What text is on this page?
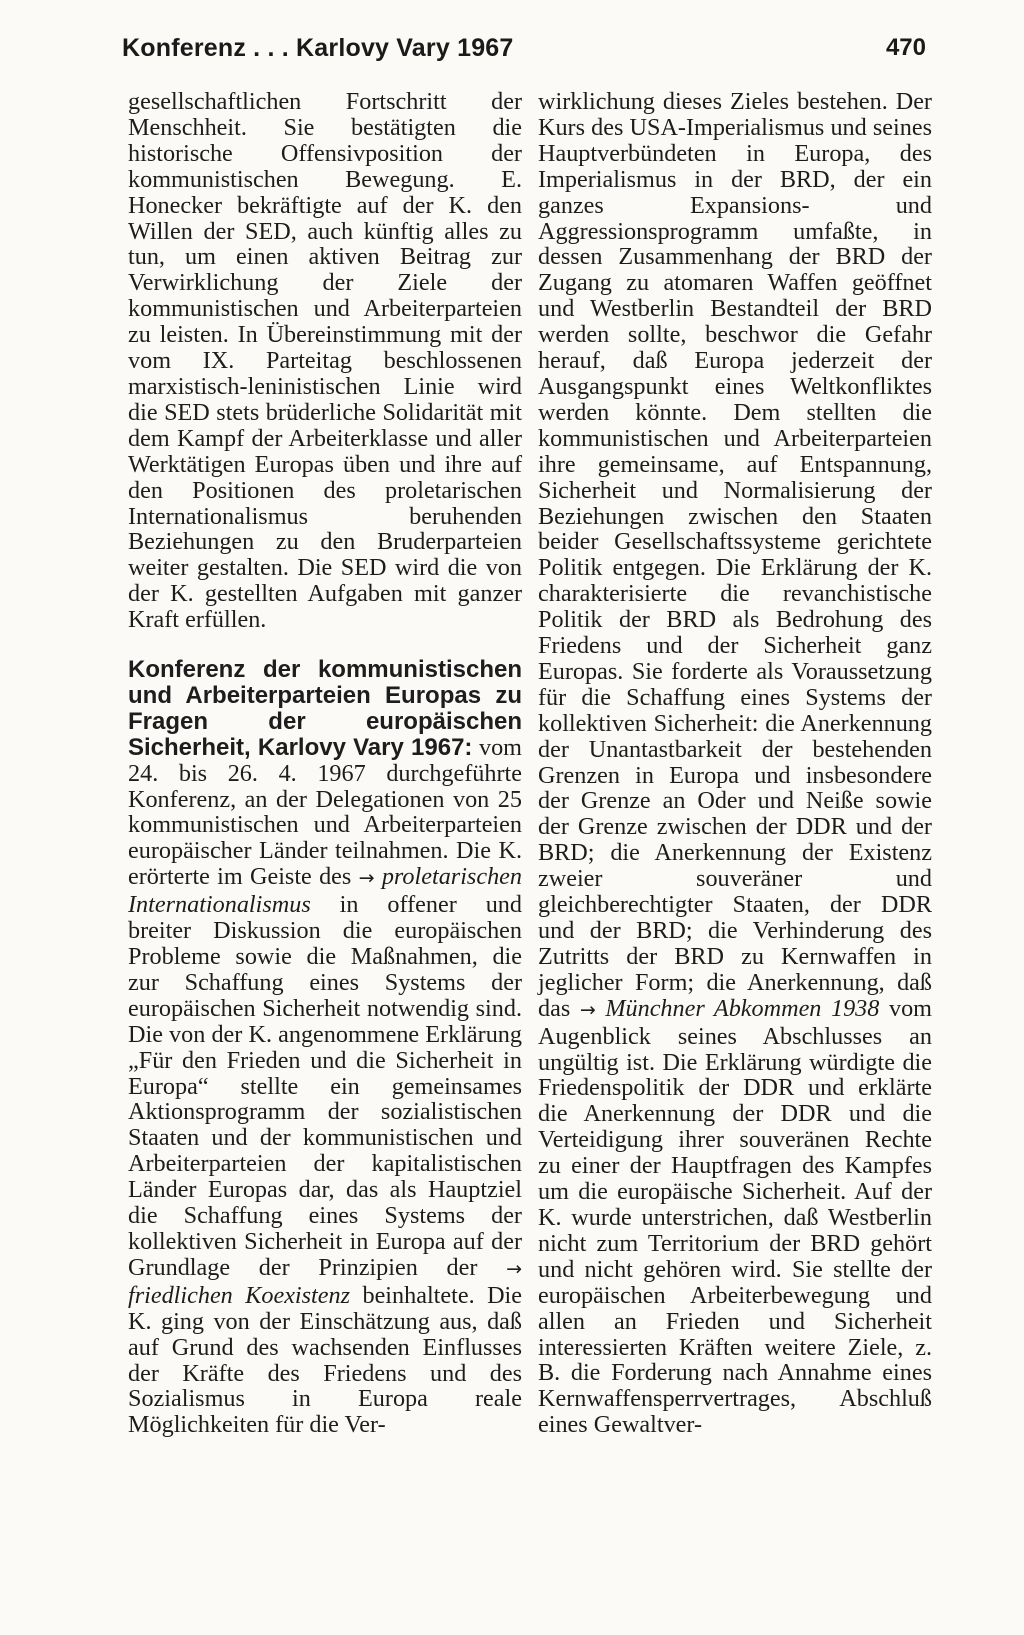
Konferenz . . . Karlovy Vary 1967	470

gesellschaftlichen Fortschritt der Menschheit. Sie bestätigten die historische Offensivposition der kommunistischen Bewegung. E. Honecker bekräftigte auf der K. den Willen der SED, auch künftig alles zu tun, um einen aktiven Beitrag zur Verwirklichung der Ziele der kommunistischen und Arbeiterparteien zu leisten. In Übereinstimmung mit der vom IX. Parteitag beschlossenen marxistisch-leninistischen Linie wird die SED stets brüderliche Solidarität mit dem Kampf der Arbeiterklasse und aller Werktätigen Europas üben und ihre auf den Positionen des proletarischen Internationalismus beruhenden Beziehungen zu den Bruderparteien weiter gestalten. Die SED wird die von der K. gestellten Aufgaben mit ganzer Kraft erfüllen.

Konferenz der kommunistischen und Arbeiterparteien Europas zu Fragen der europäischen Sicherheit, Karlovy Vary 1967: vom 24. bis 26. 4. 1967 durchgeführte Konferenz, an der Delegationen von 25 kommunistischen und Arbeiterparteien europäischer Länder teilnahmen. Die K. erörterte im Geiste des → proletarischen Internationalismus in offener und breiter Diskussion die europäischen Probleme sowie die Maßnahmen, die zur Schaffung eines Systems der europäischen Sicherheit notwendig sind. Die von der K. angenommene Erklärung „Für den Frieden und die Sicherheit in Europa“ stellte ein gemeinsames Aktionsprogramm der sozialistischen Staaten und der kommunistischen und Arbeiterparteien der kapitalistischen Länder Europas dar, das als Hauptziel die Schaffung eines Systems der kollektiven Sicherheit in Europa auf der Grundlage der Prinzipien der → friedlichen Koexistenz beinhaltete. Die K. ging von der Einschätzung aus, daß auf Grund des wachsenden Einflusses der Kräfte des Friedens und des Sozialismus in Europa reale Möglichkeiten für die Ver-

wirklichung dieses Zieles bestehen. Der Kurs des USA-Imperialismus und seines Hauptverbündeten in Europa, des Imperialismus in der BRD, der ein ganzes Expansions- und Aggressionsprogramm umfaßte, in dessen Zusammenhang der BRD der Zugang zu atomaren Waffen geöffnet und Westberlin Bestandteil der BRD werden sollte, beschwor die Gefahr herauf, daß Europa jederzeit der Ausgangspunkt eines Weltkonfliktes werden könnte. Dem stellten die kommunistischen und Arbeiterparteien ihre gemeinsame, auf Entspannung, Sicherheit und Normalisierung der Beziehungen zwischen den Staaten beider Gesellschaftssysteme gerichtete Politik entgegen. Die Erklärung der K. charakterisierte die revanchistische Politik der BRD als Bedrohung des Friedens und der Sicherheit ganz Europas. Sie forderte als Voraussetzung für die Schaffung eines Systems der kollektiven Sicherheit: die Anerkennung der Unantastbarkeit der bestehenden Grenzen in Europa und insbesondere der Grenze an Oder und Neiße sowie der Grenze zwischen der DDR und der BRD; die Anerkennung der Existenz zweier souveräner und gleichberechtigter Staaten, der DDR und der BRD; die Verhinderung des Zutritts der BRD zu Kernwaffen in jeglicher Form; die Anerkennung, daß das → Münchner Abkommen 1938 vom Augenblick seines Abschlusses an ungültig ist. Die Erklärung würdigte die Friedenspolitik der DDR und erklärte die Anerkennung der DDR und die Verteidigung ihrer souveränen Rechte zu einer der Hauptfragen des Kampfes um die europäische Sicherheit. Auf der K. wurde unterstrichen, daß Westberlin nicht zum Territorium der BRD gehört und nicht gehören wird. Sie stellte der europäischen Arbeiterbewegung und allen an Frieden und Sicherheit interessierten Kräften weitere Ziele, z. B. die Forderung nach Annahme eines Kernwaffensperrvertrages, Abschluß eines Gewaltver-
